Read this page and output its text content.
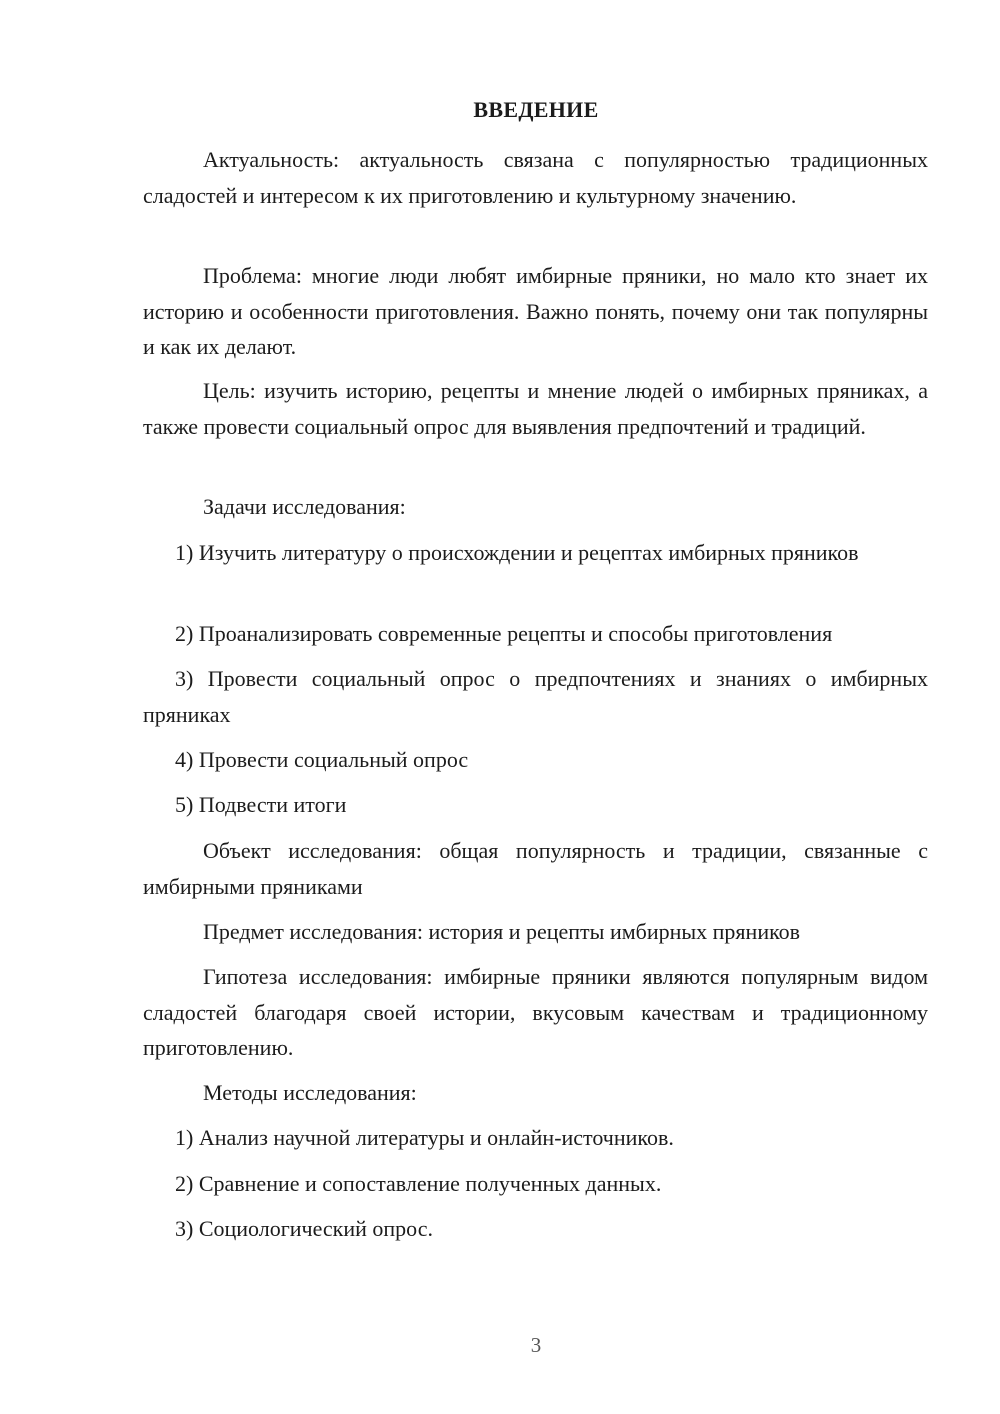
ВВЕДЕНИЕ

Актуальность: актуальность связана с популярностью традиционных сладостей и интересом к их приготовлению и культурному значению.

Проблема: многие люди любят имбирные пряники, но мало кто знает их историю и особенности приготовления. Важно понять, почему они так популярны и как их делают.

Цель: изучить историю, рецепты и мнение людей о имбирных пряниках, а также провести социальный опрос для выявления предпочтений и традиций.

Задачи исследования:

1) Изучить литературу о происхождении и рецептах имбирных пряников

2) Проанализировать современные рецепты и способы приготовления

3) Провести социальный опрос о предпочтениях и знаниях о имбирных пряниках

4) Провести социальный опрос

5) Подвести итоги

Объект исследования: общая популярность и традиции, связанные с имбирными пряниками

Предмет исследования: история и рецепты имбирных пряников

Гипотеза исследования: имбирные пряники являются популярным видом сладостей благодаря своей истории, вкусовым качествам и традиционному приготовлению.

Методы исследования:

1) Анализ научной литературы и онлайн-источников.

2) Сравнение и сопоставление полученных данных.

3) Социологический опрос.

3
